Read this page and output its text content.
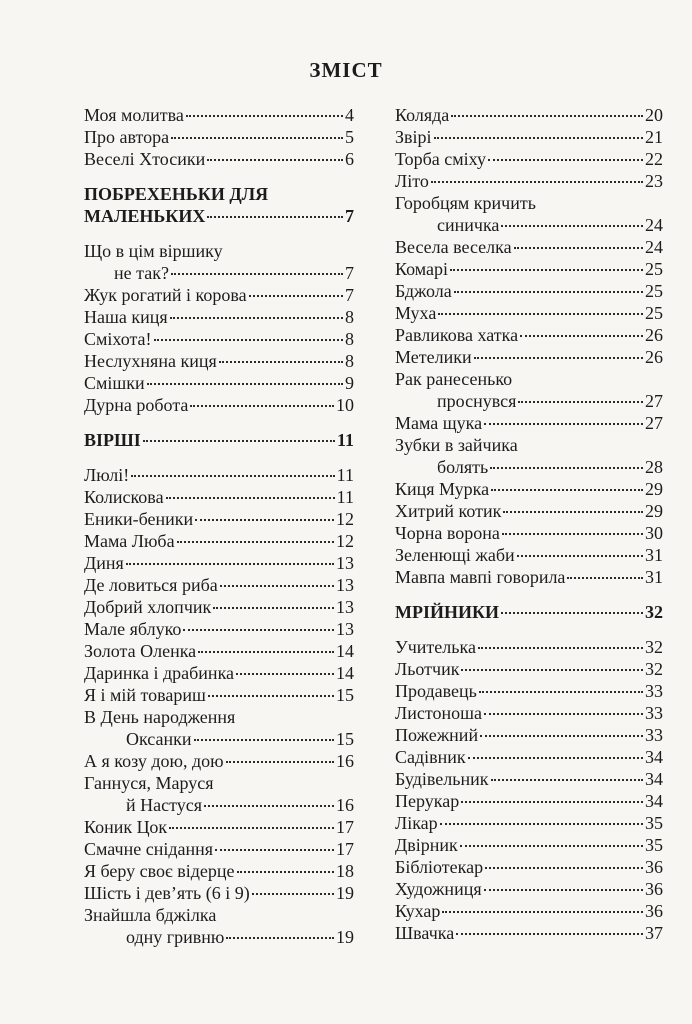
ЗМІСТ
Моя молитва	4
Про автора	5
Веселі Хтосики	6
ПОБРЕХЕНЬКИ ДЛЯ
МАЛЕНЬКИХ	7
Що в цім віршику
не так?	7
Жук рогатий і корова	7
Наша киця	8
Сміхота!	8
Неслухняна киця	8
Смішки	9
Дурна робота	10
ВІРШІ	11
Люлі!	11
Колискова	11
Еники-беники	12
Мама Люба	12
Диня	13
Де ловиться риба	13
Добрий хлопчик	13
Мале яблуко	13
Золота Оленка	14
Даринка і драбинка	14
Я і мій товариш	15
В День народження
Оксанки	15
А я козу дою, дою	16
Ганнуся, Маруся
й Настуся	16
Коник Цок	17
Смачне снідання	17
Я беру своє відерце	18
Шість і дев’ять (6 і 9)	19
Знайшла бджілка
одну гривню	19
Коляда	20
Звірі	21
Торба сміху	22
Літо	23
Горобцям кричить
синичка	24
Весела веселка	24
Комарі	25
Бджола	25
Муха	25
Равликова хатка	26
Метелики	26
Рак ранесенько
проснувся	27
Мама щука	27
Зубки в зайчика
болять	28
Киця Мурка	29
Хитрий котик	29
Чорна ворона	30
Зеленющі жаби	31
Мавпа мавпі говорила	31
МРІЙНИКИ	32
Учителька	32
Льотчик	32
Продавець	33
Листоноша	33
Пожежний	33
Садівник	34
Будівельник	34
Перукар	34
Лікар	35
Двірник	35
Бібліотекар	36
Художниця	36
Кухар	36
Швачка	37
